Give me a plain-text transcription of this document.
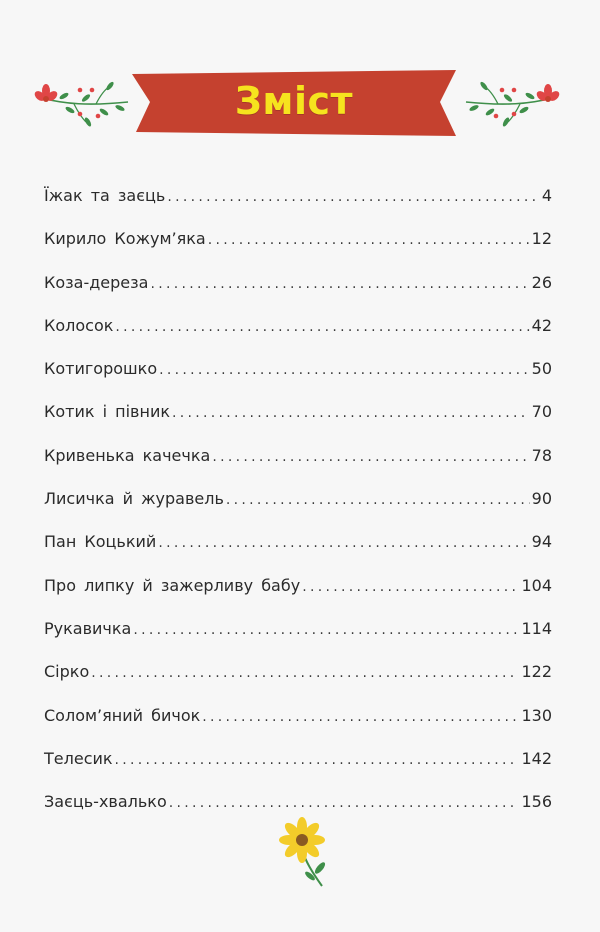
Зміст
Їжак та заєць .....	4
Кирило Кожум’яка .....	12
Коза-дереза .....	26
Колосок .....	42
Котигорошко .....	50
Котик і півник .....	70
Кривенька качечка .....	78
Лисичка й журавель .....	90
Пан Коцький .....	94
Про липку й зажерливу бабу .....	104
Рукавичка .....	114
Сірко .....	122
Солом’яний бичок .....	130
Телесик .....	142
Заєць-хвалько .....	156
